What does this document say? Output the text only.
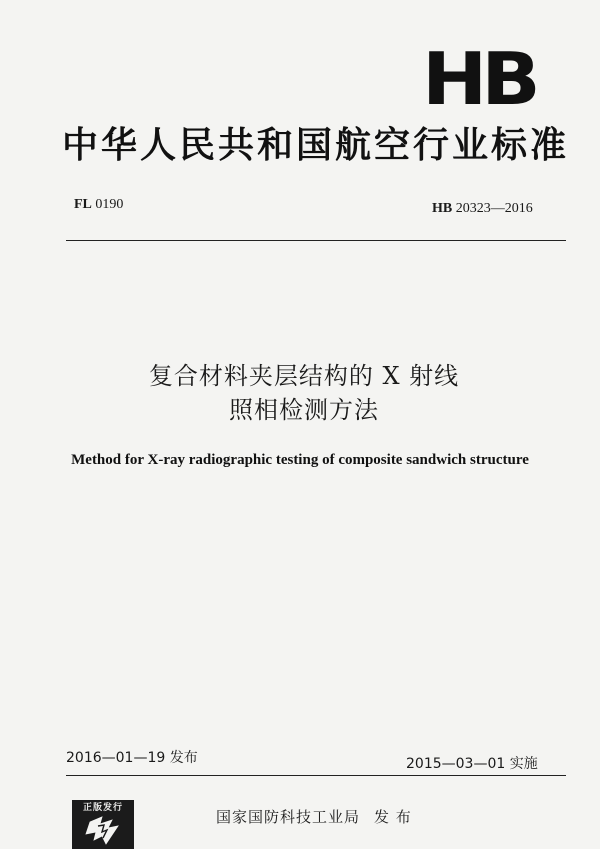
HB
中华人民共和国航空行业标准
FL 0190	HB 20323—2016
复合材料夹层结构的 X 射线
照相检测方法
Method for X-ray radiographic testing of composite sandwich structure
2016—01—19 发布	2015—03—01 实施
正版发行	国家国防科技工业局 发 布
